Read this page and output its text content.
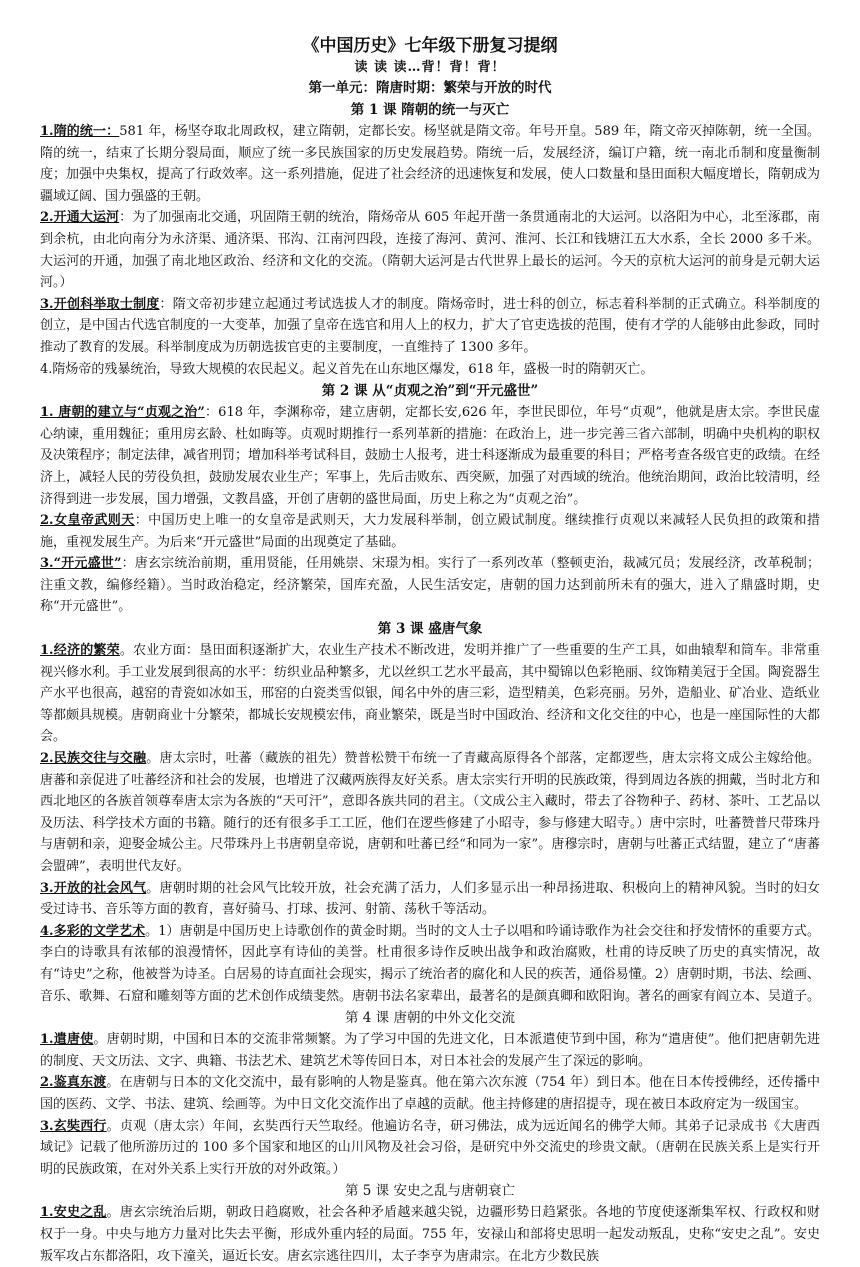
《中国历史》七年级下册复习提纲
读 读 读…背！背！背！
第一单元：隋唐时期：繁荣与开放的时代
第 1 课 隋朝的统一与灭亡

1.隋的统一：581 年，杨坚夺取北周政权，建立隋朝，定都长安。杨坚就是隋文帝。年号开皇。589 年，隋文帝灭掉陈朝，统一全国。隋的统一，结束了长期分裂局面，顺应了统一多民族国家的历史发展趋势。隋统一后，发展经济，编订户籍，统一南北币制和度量衡制度；加强中央集权，提高了行政效率。这一系列措施，促进了社会经济的迅速恢复和发展，使人口数量和垦田面积大幅度增长，隋朝成为疆域辽阔、国力强盛的王朝。

2.开通大运河：为了加强南北交通，巩固隋王朝的统治，隋炀帝从 605 年起开凿一条贯通南北的大运河。以洛阳为中心，北至涿郡，南到余杭，由北向南分为永济渠、通济渠、邗沟、江南河四段，连接了海河、黄河、淮河、长江和钱塘江五大水系，全长 2000 多千米。大运河的开通，加强了南北地区政治、经济和文化的交流。（隋朝大运河是古代世界上最长的运河。今天的京杭大运河的前身是元朝大运河。）

3.开创科举取士制度：隋文帝初步建立起通过考试选拔人才的制度。隋炀帝时，进士科的创立，标志着科举制的正式确立。科举制度的创立，是中国古代选官制度的一大变革，加强了皇帝在选官和用人上的权力，扩大了官吏选拔的范围，使有才学的人能够由此参政，同时推动了教育的发展。科举制度成为历朝选拔官吏的主要制度，一直维持了 1300 多年。

4.隋炀帝的残暴统治，导致大规模的农民起义。起义首先在山东地区爆发，618 年，盛极一时的隋朝灭亡。

第 2 课 从“贞观之治”到“开元盛世”

1. 唐朝的建立与“贞观之治”：618 年，李渊称帝，建立唐朝，定都长安,626 年，李世民即位，年号“贞观”，他就是唐太宗。李世民虚心纳谏，重用魏征；重用房玄龄、杜如晦等。贞观时期推行一系列革新的措施：在政治上，进一步完善三省六部制，明确中央机构的职权及决策程序；制定法律，减省刑罚；增加科举考试科目，鼓励士人报考，进士科逐渐成为最重要的科目；严格考查各级官吏的政绩。在经济上，减轻人民的劳役负担，鼓励发展农业生产；军事上，先后击败东、西突厥，加强了对西域的统治。他统治期间，政治比较清明，经济得到进一步发展，国力增强，文教昌盛，开创了唐朝的盛世局面，历史上称之为“贞观之治”。

2.女皇帝武则天：中国历史上唯一的女皇帝是武则天，大力发展科举制，创立殿试制度。继续推行贞观以来减轻人民负担的政策和措施，重视发展生产。为后来“开元盛世”局面的出现奠定了基础。

3.“开元盛世”：唐玄宗统治前期，重用贤能，任用姚崇、宋璟为相。实行了一系列改革（整顿吏治，裁减冗员；发展经济，改革税制；注重文教，编修经籍）。当时政治稳定，经济繁荣，国库充盈，人民生活安定，唐朝的国力达到前所未有的强大，进入了鼎盛时期，史称“开元盛世”。

第 3 课 盛唐气象

1.经济的繁荣。农业方面：垦田面积逐渐扩大，农业生产技术不断改进，发明并推广了一些重要的生产工具，如曲辕犁和筒车。非常重视兴修水利。手工业发展到很高的水平：纺织业品种繁多，尤以丝织工艺水平最高，其中蜀锦以色彩艳丽、纹饰精美冠于全国。陶瓷器生产水平也很高，越窑的青瓷如冰如玉，邢窑的白瓷类雪似银，闻名中外的唐三彩，造型精美，色彩亮丽。另外，造船业、矿冶业、造纸业等都颇具规模。唐朝商业十分繁荣，都城长安规模宏伟，商业繁荣，既是当时中国政治、经济和文化交往的中心，也是一座国际性的大都会。

2.民族交往与交融。唐太宗时，吐蕃（藏族的祖先）赞普松赞干布统一了青藏高原得各个部落，定都逻些，唐太宗将文成公主嫁给他。唐蕃和亲促进了吐蕃经济和社会的发展，也增进了汉藏两族得友好关系。唐太宗实行开明的民族政策，得到周边各族的拥戴，当时北方和西北地区的各族首领尊奉唐太宗为各族的“天可汗”，意即各族共同的君主。（文成公主入藏时，带去了谷物种子、药材、茶叶、工艺品以及历法、科学技术方面的书籍。随行的还有很多手工工匠，他们在逻些修建了小昭寺，参与修建大昭寺。）唐中宗时，吐蕃赞普尺带珠丹与唐朝和亲，迎娶金城公主。尺带珠丹上书唐朝皇帝说，唐朝和吐蕃已经“和同为一家”。唐穆宗时，唐朝与吐蕃正式结盟，建立了“唐蕃会盟碑”，表明世代友好。

3.开放的社会风气。唐朝时期的社会风气比较开放，社会充满了活力，人们多显示出一种昂扬进取、积极向上的精神风貌。当时的妇女受过诗书、音乐等方面的教育，喜好骑马、打球、拔河、射箭、荡秋千等活动。

4.多彩的文学艺术。1）唐朝是中国历史上诗歌创作的黄金时期。当时的文人士子以唱和吟诵诗歌作为社会交往和抒发情怀的重要方式。李白的诗歌具有浓郁的浪漫情怀，因此享有诗仙的美誉。杜甫很多诗作反映出战争和政治腐败，杜甫的诗反映了历史的真实情况，故有“诗史”之称，他被誉为诗圣。白居易的诗直面社会现实，揭示了统治者的腐化和人民的疾苦，通俗易懂。2）唐朝时期，书法、绘画、音乐、歌舞、石窟和雕刻等方面的艺术创作成绩斐然。唐朝书法名家辈出，最著名的是颜真卿和欧阳询。著名的画家有阎立本、吴道子。

第 4 课 唐朝的中外文化交流

1.遣唐使。唐朝时期，中国和日本的交流非常频繁。为了学习中国的先进文化，日本派遣使节到中国，称为“遣唐使”。他们把唐朝先进的制度、天文历法、文字、典籍、书法艺术、建筑艺术等传回日本，对日本社会的发展产生了深远的影响。

2.鉴真东渡。在唐朝与日本的文化交流中，最有影响的人物是鉴真。他在第六次东渡（754 年）到日本。他在日本传授佛经，还传播中国的医药、文学、书法、建筑、绘画等。为中日文化交流作出了卓越的贡献。他主持修建的唐招提寺，现在被日本政府定为一级国宝。

3.玄奘西行。贞观（唐太宗）年间，玄奘西行天竺取经。他遍访名寺，研习佛法，成为远近闻名的佛学大师。其弟子记录成书《大唐西域记》记载了他所游历过的 100 多个国家和地区的山川风物及社会习俗，是研究中外交流史的珍贵文献。（唐朝在民族关系上是实行开明的民族政策，在对外关系上实行开放的对外政策。）

第 5 课 安史之乱与唐朝衰亡

1.安史之乱。唐玄宗统治后期，朝政日趋腐败，社会各种矛盾越来越尖锐，边疆形势日趋紧张。各地的节度使逐渐集军权、行政权和财权于一身。中央与地方力量对比失去平衡，形成外重内轻的局面。755 年，安禄山和部将史思明一起发动叛乱，史称“安史之乱”。安史叛军攻占东都洛阳，攻下潼关，逼近长安。唐玄宗逃往四川，太子李亨为唐肃宗。在北方少数民族
